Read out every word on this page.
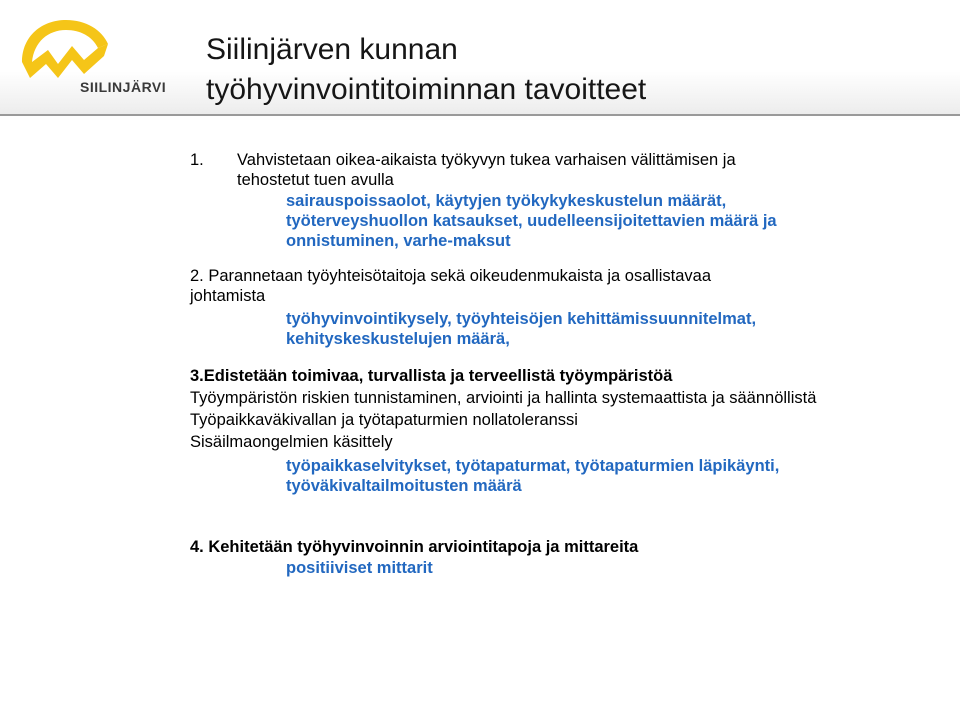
SIILINJÄRVI
Siilinjärven kunnan
työhyvinvointitoiminnan tavoitteet

1. Vahvistetaan oikea-aikaista työkyvyn tukea varhaisen välittämisen ja

tehostetut tuen avulla

sairauspoissaolot, käytyjen työkykykeskustelun määrät,

työterveyshuollon katsaukset, uudelleensijoitettavien määrä ja

onnistuminen, varhe-maksut

2. Parannetaan työyhteisötaitoja sekä oikeudenmukaista ja osallistavaa

johtamista

työhyvinvointikysely, työyhteisöjen kehittämissuunnitelmat,

kehityskeskustelujen määrä,

3.Edistetään toimivaa, turvallista ja terveellistä työympäristöä

Työympäristön riskien tunnistaminen, arviointi ja hallinta systemaattista ja säännöllistä

Työpaikkaväkivallan ja työtapaturmien nollatoleranssi

Sisäilmaongelmien käsittely

työpaikkaselvitykset, työtapaturmat, työtapaturmien läpikäynti,

työväkivaltailmoitusten määrä

4. Kehitetään työhyvinvoinnin arviointitapoja ja mittareita

positiiviset mittarit
